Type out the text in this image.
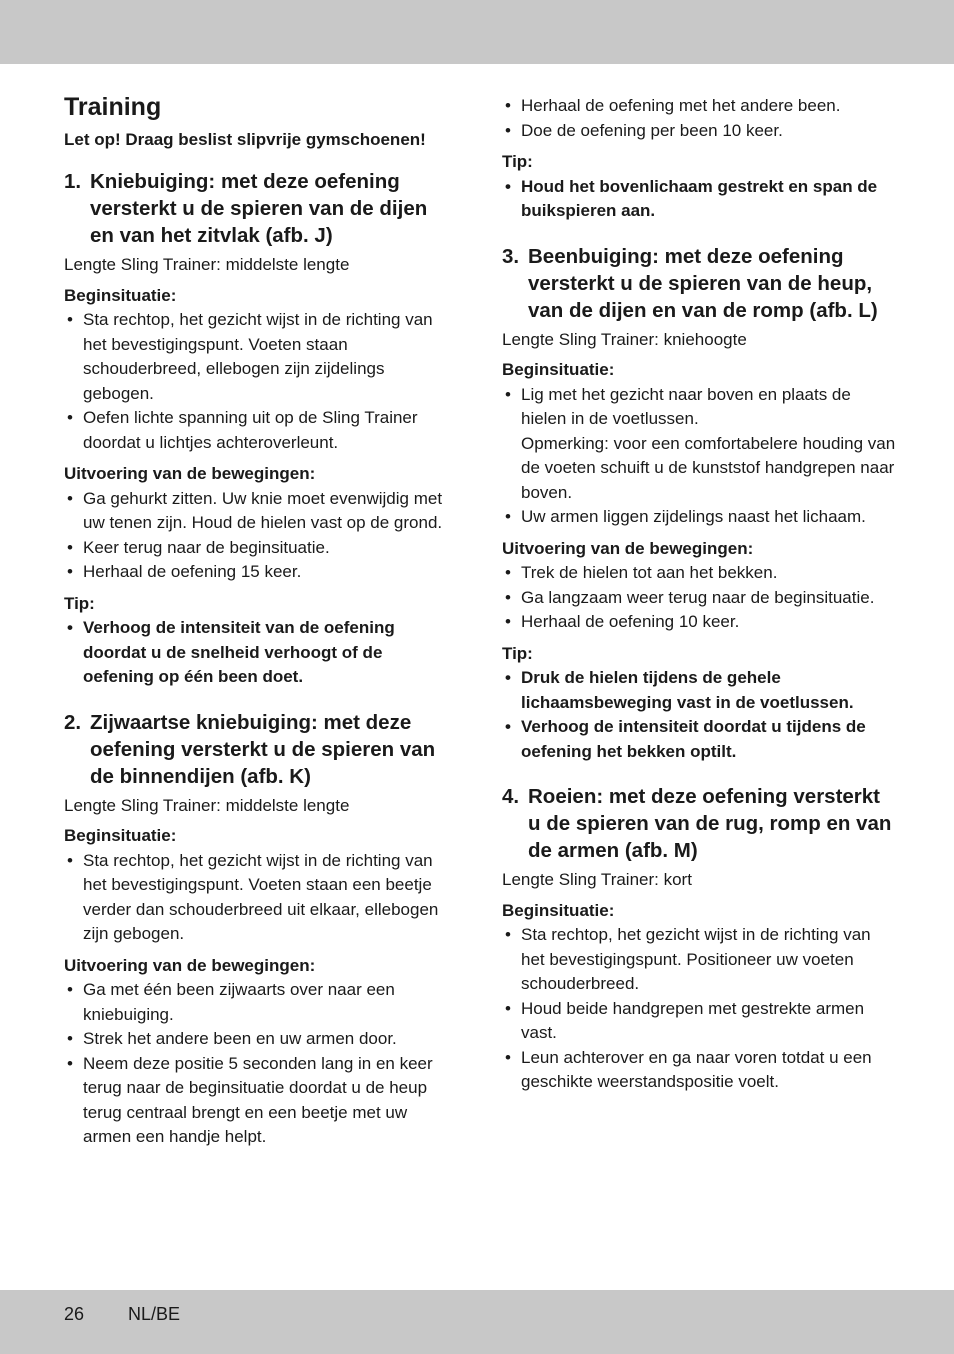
Training
Let op! Draag beslist slipvrije gymschoenen!
1. Kniebuiging: met deze oefening versterkt u de spieren van de dijen en van het zitvlak (afb. J)
Lengte Sling Trainer: middelste lengte
Beginsituatie:
• Sta rechtop, het gezicht wijst in de richting van het bevestigingspunt. Voeten staan schouderbreed, ellebogen zijn zijdelings gebogen.
• Oefen lichte spanning uit op de Sling Trainer doordat u lichtjes achteroverleunt.
Uitvoering van de bewegingen:
• Ga gehurkt zitten. Uw knie moet evenwijdig met uw tenen zijn. Houd de hielen vast op de grond.
• Keer terug naar de beginsituatie.
• Herhaal de oefening 15 keer.
Tip:
• Verhoog de intensiteit van de oefening doordat u de snelheid verhoogt of de oefening op één been doet.
2. Zijwaartse kniebuiging: met deze oefening versterkt u de spieren van de binnendijen (afb. K)
Lengte Sling Trainer: middelste lengte
Beginsituatie:
• Sta rechtop, het gezicht wijst in de richting van het bevestigingspunt. Voeten staan een beetje verder dan schouderbreed uit elkaar, ellebogen zijn gebogen.
Uitvoering van de bewegingen:
• Ga met één been zijwaarts over naar een kniebuiging.
• Strek het andere been en uw armen door.
• Neem deze positie 5 seconden lang in en keer terug naar de beginsituatie doordat u de heup terug centraal brengt en een beetje met uw armen een handje helpt.
• Herhaal de oefening met het andere been.
• Doe de oefening per been 10 keer.
Tip:
• Houd het bovenlichaam gestrekt en span de buikspieren aan.
3. Beenbuiging: met deze oefening versterkt u de spieren van de heup, van de dijen en van de romp (afb. L)
Lengte Sling Trainer: kniehoogte
Beginsituatie:
• Lig met het gezicht naar boven en plaats de hielen in de voetlussen.
Opmerking: voor een comfortabelere houding van de voeten schuift u de kunststof handgrepen naar boven.
• Uw armen liggen zijdelings naast het lichaam.
Uitvoering van de bewegingen:
• Trek de hielen tot aan het bekken.
• Ga langzaam weer terug naar de beginsituatie.
• Herhaal de oefening 10 keer.
Tip:
• Druk de hielen tijdens de gehele lichaamsbeweging vast in de voetlussen.
• Verhoog de intensiteit doordat u tijdens de oefening het bekken optilt.
4. Roeien: met deze oefening versterkt u de spieren van de rug, romp en van de armen (afb. M)
Lengte Sling Trainer: kort
Beginsituatie:
• Sta rechtop, het gezicht wijst in de richting van het bevestigingspunt. Positioneer uw voeten schouderbreed.
• Houd beide handgrepen met gestrekte armen vast.
• Leun achterover en ga naar voren totdat u een geschikte weerstandspositie voelt.
26 NL/BE
